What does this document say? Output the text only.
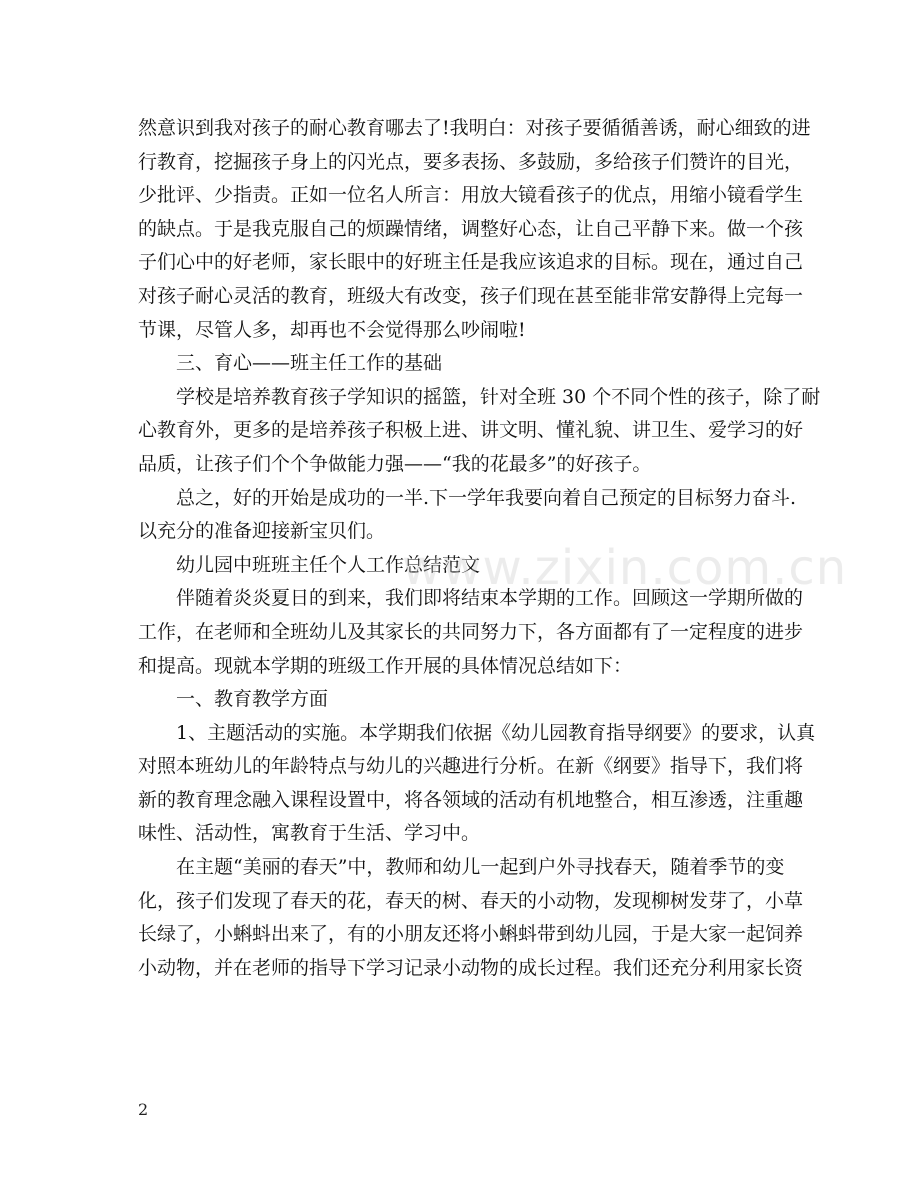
然意识到我对孩子的耐心教育哪去了!我明白：对孩子要循循善诱，耐心细致的进
行教育，挖掘孩子身上的闪光点，要多表扬、多鼓励，多给孩子们赞许的目光，
少批评、少指责。正如一位名人所言：用放大镜看孩子的优点，用缩小镜看学生
的缺点。于是我克服自己的烦躁情绪，调整好心态，让自己平静下来。做一个孩
子们心中的好老师，家长眼中的好班主任是我应该追求的目标。现在，通过自己
对孩子耐心灵活的教育，班级大有改变，孩子们现在甚至能非常安静得上完每一
节课，尽管人多，却再也不会觉得那么吵闹啦!

三、育心——班主任工作的基础

学校是培养教育孩子学知识的摇篮，针对全班 30 个不同个性的孩子，除了耐
心教育外，更多的是培养孩子积极上进、讲文明、懂礼貌、讲卫生、爱学习的好
品质，让孩子们个个争做能力强——“我的花最多”的好孩子。

总之，好的开始是成功的一半.下一学年我要向着自己预定的目标努力奋斗.
以充分的准备迎接新宝贝们。

幼儿园中班班主任个人工作总结范文

伴随着炎炎夏日的到来，我们即将结束本学期的工作。回顾这一学期所做的
工作，在老师和全班幼儿及其家长的共同努力下，各方面都有了一定程度的进步
和提高。现就本学期的班级工作开展的具体情况总结如下：

一、教育教学方面

1、主题活动的实施。本学期我们依据《幼儿园教育指导纲要》的要求，认真
对照本班幼儿的年龄特点与幼儿的兴趣进行分析。在新《纲要》指导下，我们将
新的教育理念融入课程设置中，将各领域的活动有机地整合，相互渗透，注重趣
味性、活动性，寓教育于生活、学习中。

在主题“美丽的春天”中，教师和幼儿一起到户外寻找春天，随着季节的变
化，孩子们发现了春天的花，春天的树、春天的小动物，发现柳树发芽了，小草
长绿了，小蝌蚪出来了，有的小朋友还将小蝌蚪带到幼儿园，于是大家一起饲养
小动物，并在老师的指导下学习记录小动物的成长过程。我们还充分利用家长资

www.zixin.com.cn
2
